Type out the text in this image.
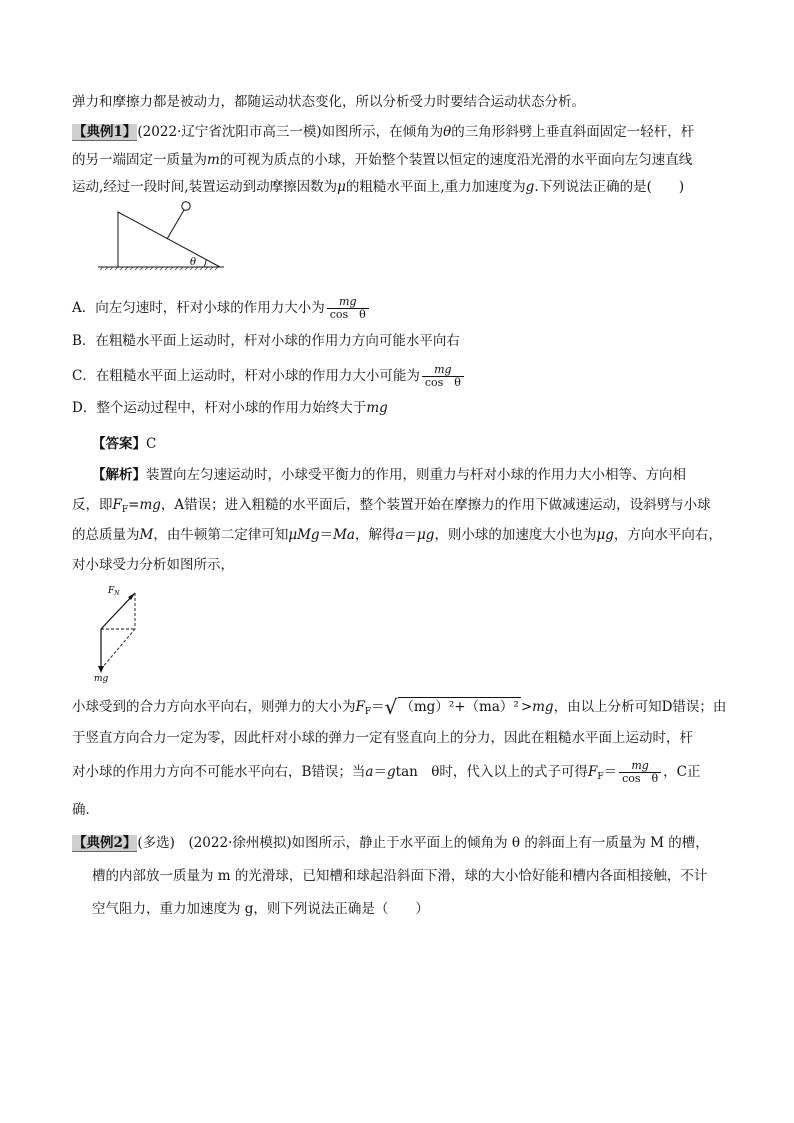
弹力和摩擦力都是被动力，都随运动状态变化，所以分析受力时要结合运动状态分析。
【典例1】(2022·辽宁省沈阳市高三一模)如图所示，在倾角为θ的三角形斜劈上垂直斜面固定一轻杆，杆
的另一端固定一质量为m的可视为质点的小球，开始整个装置以恒定的速度沿光滑的水平面向左匀速直线
运动,经过一段时间,装置运动到动摩擦因数为μ的粗糙水平面上,重力加速度为g.下列说法正确的是(　　)
θ
A．向左匀速时，杆对小球的作用力大小为 $\frac{mg}{\text{cos　θ}}$
B．在粗糙水平面上运动时，杆对小球的作用力方向可能水平向右
C．在粗糙水平面上运动时，杆对小球的作用力大小可能为 $\frac{mg}{\text{cos　θ}}$
D．整个运动过程中，杆对小球的作用力始终大于mg
【答案】C
【解析】装置向左匀速运动时，小球受平衡力的作用，则重力与杆对小球的作用力大小相等、方向相
反，即$F_F=mg$，A错误；进入粗糙的水平面后，整个装置开始在摩擦力的作用下做减速运动，设斜劈与小球
的总质量为M，由牛顿第二定律可知μMg＝Ma，解得a＝μg，则小球的加速度大小也为μg，方向水平向右，
对小球受力分析如图所示，
$F_N$
mg
小球受到的合力方向水平向右，则弹力的大小为$F_F=√$ （mg）²+（ma）² >mg，由以上分析可知D错误；由
于竖直方向合力一定为零，因此杆对小球的弹力一定有竖直向上的分力，因此在粗糙水平面上运动时，杆
对小球的作用力方向不可能水平向右，B错误；当a＝gtan　θ时，代入以上的式子可得$F_F= \frac{mg}{\text{cos　θ}}$ ，C正
确．
【典例2】(多选)　(2022·徐州模拟)如图所示，静止于水平面上的倾角为 θ 的斜面上有一质量为 M 的槽，
槽的内部放一质量为 m 的光滑球，已知槽和球起沿斜面下滑，球的大小恰好能和槽内各面相接触，不计
空气阻力，重力加速度为 g，则下列说法正确是（　　）
